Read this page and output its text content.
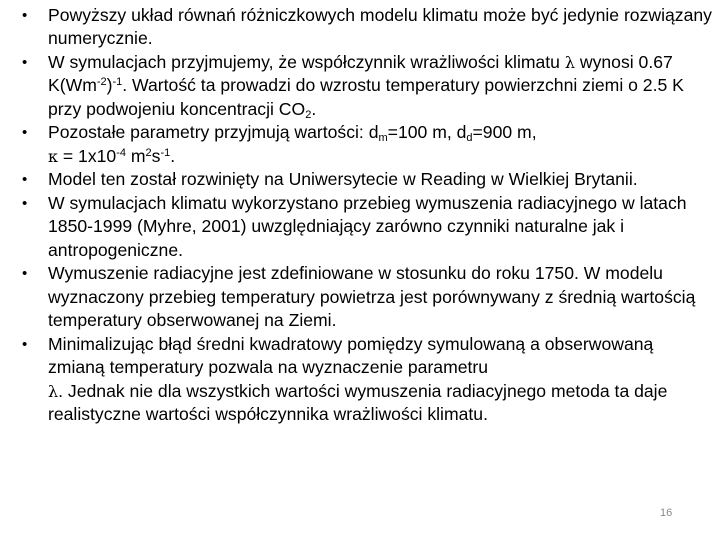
•	Powyższy układ równań różniczkowych modelu klimatu może być jedynie rozwiązany numerycznie.
•	W symulacjach przyjmujemy, że współczynnik wrażliwości klimatu λ wynosi 0.67 $K(Wm^{-2})^{-1}$. Wartość ta prowadzi do wzrostu temperatury powierzchni ziemi o 2.5 K przy podwojeniu koncentracji $CO_2$.
•	Pozostałe parametry przyjmują wartości: $d_m=100$ m, $d_d=900$ m,
$\kappa = 1x10^{-4}$ $m^2s^{-1}$.
•	Model ten został rozwinięty na Uniwersytecie w Reading w Wielkiej Brytanii.
•	W symulacjach klimatu wykorzystano przebieg wymuszenia radiacyjnego w latach 1850-1999 (Myhre, 2001) uwzględniający zarówno czynniki naturalne jak i antropogeniczne.
•	Wymuszenie radiacyjne jest zdefiniowane w stosunku do roku 1750. W modelu wyznaczony przebieg temperatury powietrza jest porównywany z średnią wartością temperatury obserwowanej na Ziemi.
•	Minimalizując błąd średni kwadratowy pomiędzy symulowaną a obserwowaną zmianą temperatury pozwala na wyznaczenie parametru
λ. Jednak nie dla wszystkich wartości wymuszenia radiacyjnego metoda ta daje realistyczne wartości współczynnika wrażliwości klimatu.
16
